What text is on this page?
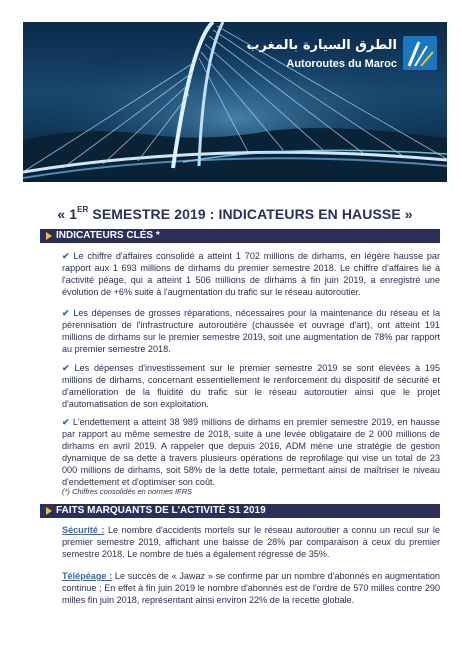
الطرق السيارة بالمغرب
Autoroutes du Maroc
« 1ER SEMESTRE 2019 : INDICATEURS EN HAUSSE »
INDICATEURS CLÉS *
✔ Le chiffre d'affaires consolidé a atteint 1 702 millions de dirhams, en légère hausse par rapport aux 1 693 millions de dirhams du premier semestre 2018. Le chiffre d'affaires lié à l'activité péage, qui a atteint 1 506 millions de dirhams à fin juin 2019, a enregistré une évolution de +6% suite à l'augmentation du trafic sur le réseau autoroutier.
✔ Les dépenses de grosses réparations, nécessaires pour la maintenance du réseau et la pérennisation de l'infrastructure autoroutière (chaussée et ouvrage d'art), ont atteint 191 millions de dirhams sur le premier semestre 2019, soit une augmentation de 78% par rapport au premier semestre 2018.
✔ Les dépenses d'investissement sur le premier semestre 2019 se sont élevées à 195 millions de dirhams, concernant essentiellement le renforcement du dispositif de sécurité et d'amélioration de la fluidité du trafic sur le réseau autoroutier ainsi que le projet d'automatisation de son exploitation.
✔ L'endettement a atteint 38 989 millions de dirhams en premier semestre 2019, en hausse par rapport au même semestre de 2018, suite à une levée obligataire de 2 000 millions de dirhams en avril 2019. A rappeler que depuis 2016, ADM mène une stratégie de gestion dynamique de sa dette à travers plusieurs opérations de reprofilage qui vise un total de 23 000 millions de dirhams, soit 58% de la dette totale, permettant ainsi de maîtriser le niveau d'endettement et d'optimiser son coût.
(*) Chiffres consolidés en normes IFRS
FAITS MARQUANTS DE L'ACTIVITÉ S1 2019
Sécurité : Le nombre d'accidents mortels sur le réseau autoroutier a connu un recul sur le premier semestre 2019, affichant une baisse de 28% par comparaison à ceux du premier semestre 2018. Le nombre de tués a également régressé de 35%.
Télépéage : Le succès de « Jawaz » se confirme par un nombre d'abonnés en augmentation continue ; En effet à fin juin 2019 le nombre d'abonnés est de l'ordre de 570 milles contre 290 milles fin juin 2018, représentant ainsi environ 22% de la recette globale.
